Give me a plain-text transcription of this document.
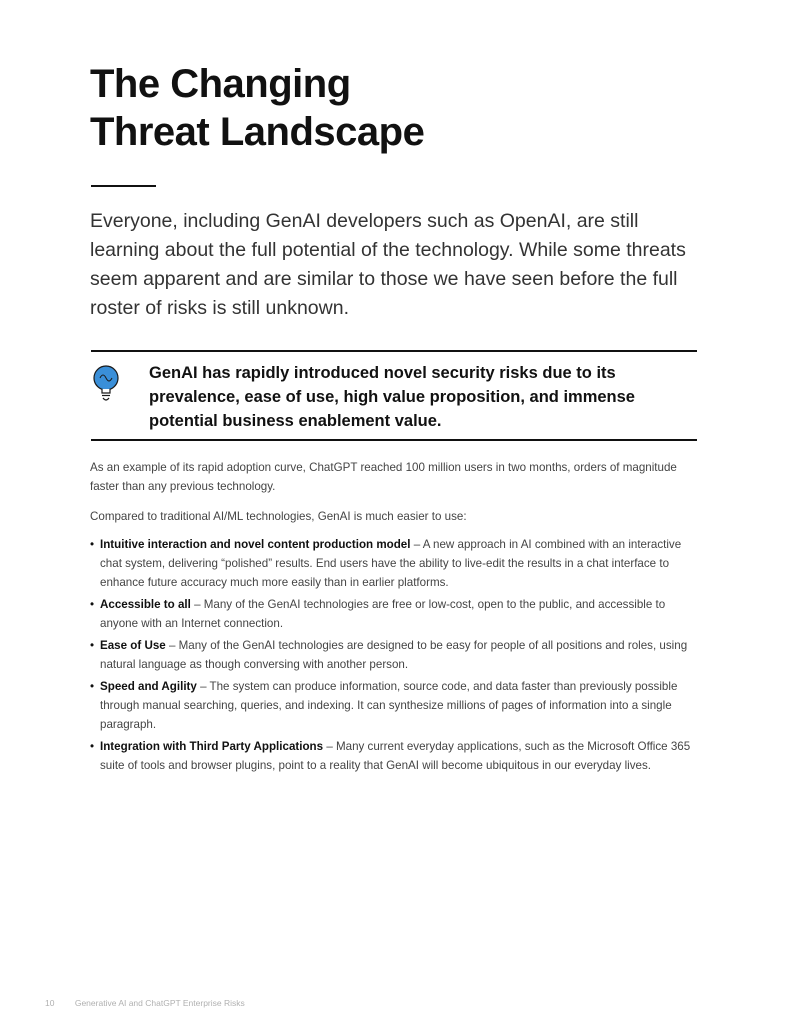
The Changing
Threat Landscape

Everyone, including GenAI developers such as OpenAI, are still learning about the full potential of the technology. While some threats seem apparent and are similar to those we have seen before the full roster of risks is still unknown.

GenAI has rapidly introduced novel security risks due to its prevalence, ease of use, high value proposition, and immense potential business enablement value.

As an example of its rapid adoption curve, ChatGPT reached 100 million users in two months, orders of magnitude faster than any previous technology.

Compared to traditional AI/ML technologies, GenAI is much easier to use:

• Intuitive interaction and novel content production model – A new approach in AI combined with an interactive chat system, delivering “polished” results. End users have the ability to live-edit the results in a chat interface to enhance future accuracy much more easily than in earlier platforms.
• Accessible to all – Many of the GenAI technologies are free or low-cost, open to the public, and accessible to anyone with an Internet connection.
• Ease of Use – Many of the GenAI technologies are designed to be easy for people of all positions and roles, using natural language as though conversing with another person.
• Speed and Agility – The system can produce information, source code, and data faster than previously possible through manual searching, queries, and indexing. It can synthesize millions of pages of information into a single paragraph.
• Integration with Third Party Applications – Many current everyday applications, such as the Microsoft Office 365 suite of tools and browser plugins, point to a reality that GenAI will become ubiquitous in our everyday lives.
10 Generative AI and ChatGPT Enterprise Risks
